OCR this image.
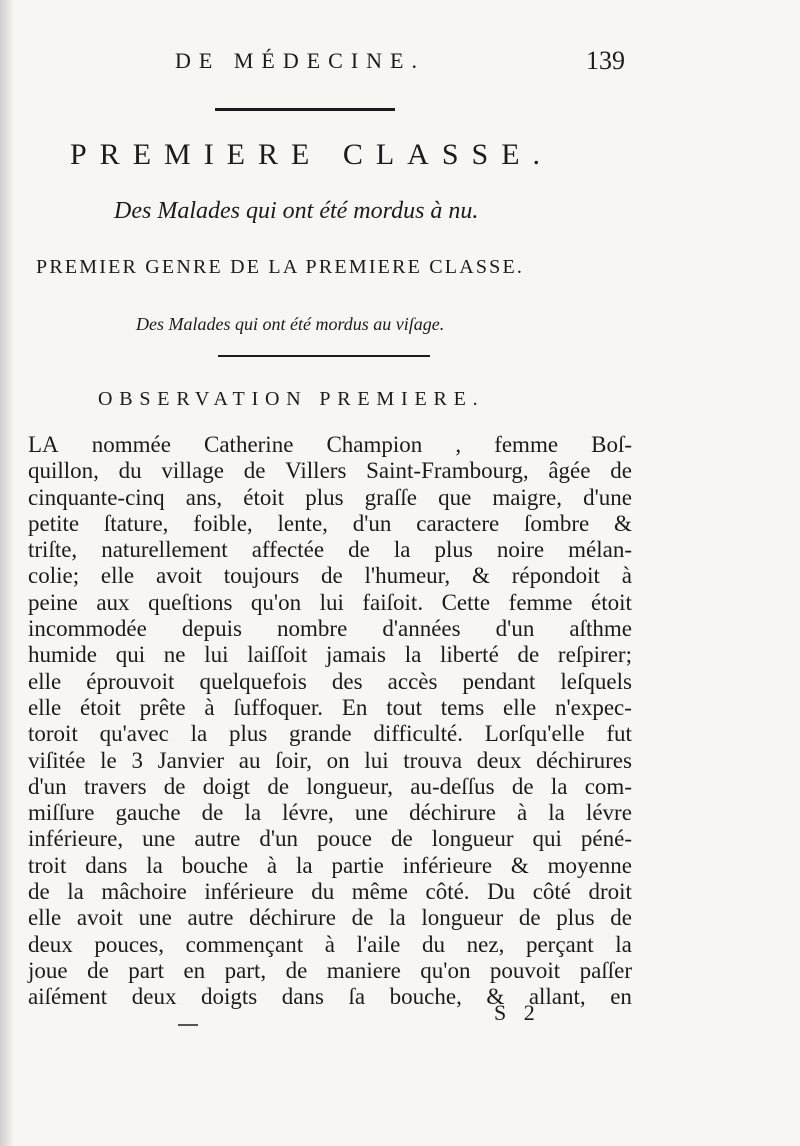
DE MÉDECINE.	139
PREMIERE CLASSE.
Des Malades qui ont été mordus à nu.
PREMIER GENRE DE LA PREMIERE CLASSE.
Des Malades qui ont été mordus au viſage.
OBSERVATION PREMIERE.
LA nommée Catherine Champion , femme Boſ-
quillon, du village de Villers Saint-Frambourg, âgée de
cinquante-cinq ans, étoit plus graſſe que maigre, d'une
petite ſtature, foible, lente, d'un caractere ſombre &
triſte, naturellement affectée de la plus noire mélan-
colie; elle avoit toujours de l'humeur, & répondoit à
peine aux queſtions qu'on lui faiſoit. Cette femme étoit
incommodée depuis nombre d'années d'un aſthme
humide qui ne lui laiſſoit jamais la liberté de reſpirer;
elle éprouvoit quelquefois des accès pendant leſquels
elle étoit prête à ſuffoquer. En tout tems elle n'expec-
toroit qu'avec la plus grande difficulté. Lorſqu'elle fut
viſitée le 3 Janvier au ſoir, on lui trouva deux déchirures
d'un travers de doigt de longueur, au-deſſus de la com-
miſſure gauche de la lévre, une déchirure à la lévre
inférieure, une autre d'un pouce de longueur qui péné-
troit dans la bouche à la partie inférieure & moyenne
de la mâchoire inférieure du même côté. Du côté droit
elle avoit une autre déchirure de la longueur de plus de
deux pouces, commençant à l'aile du nez, perçant la
joue de part en part, de maniere qu'on pouvoit paſſer
aiſément deux doigts dans ſa bouche, & allant, en
S 2
